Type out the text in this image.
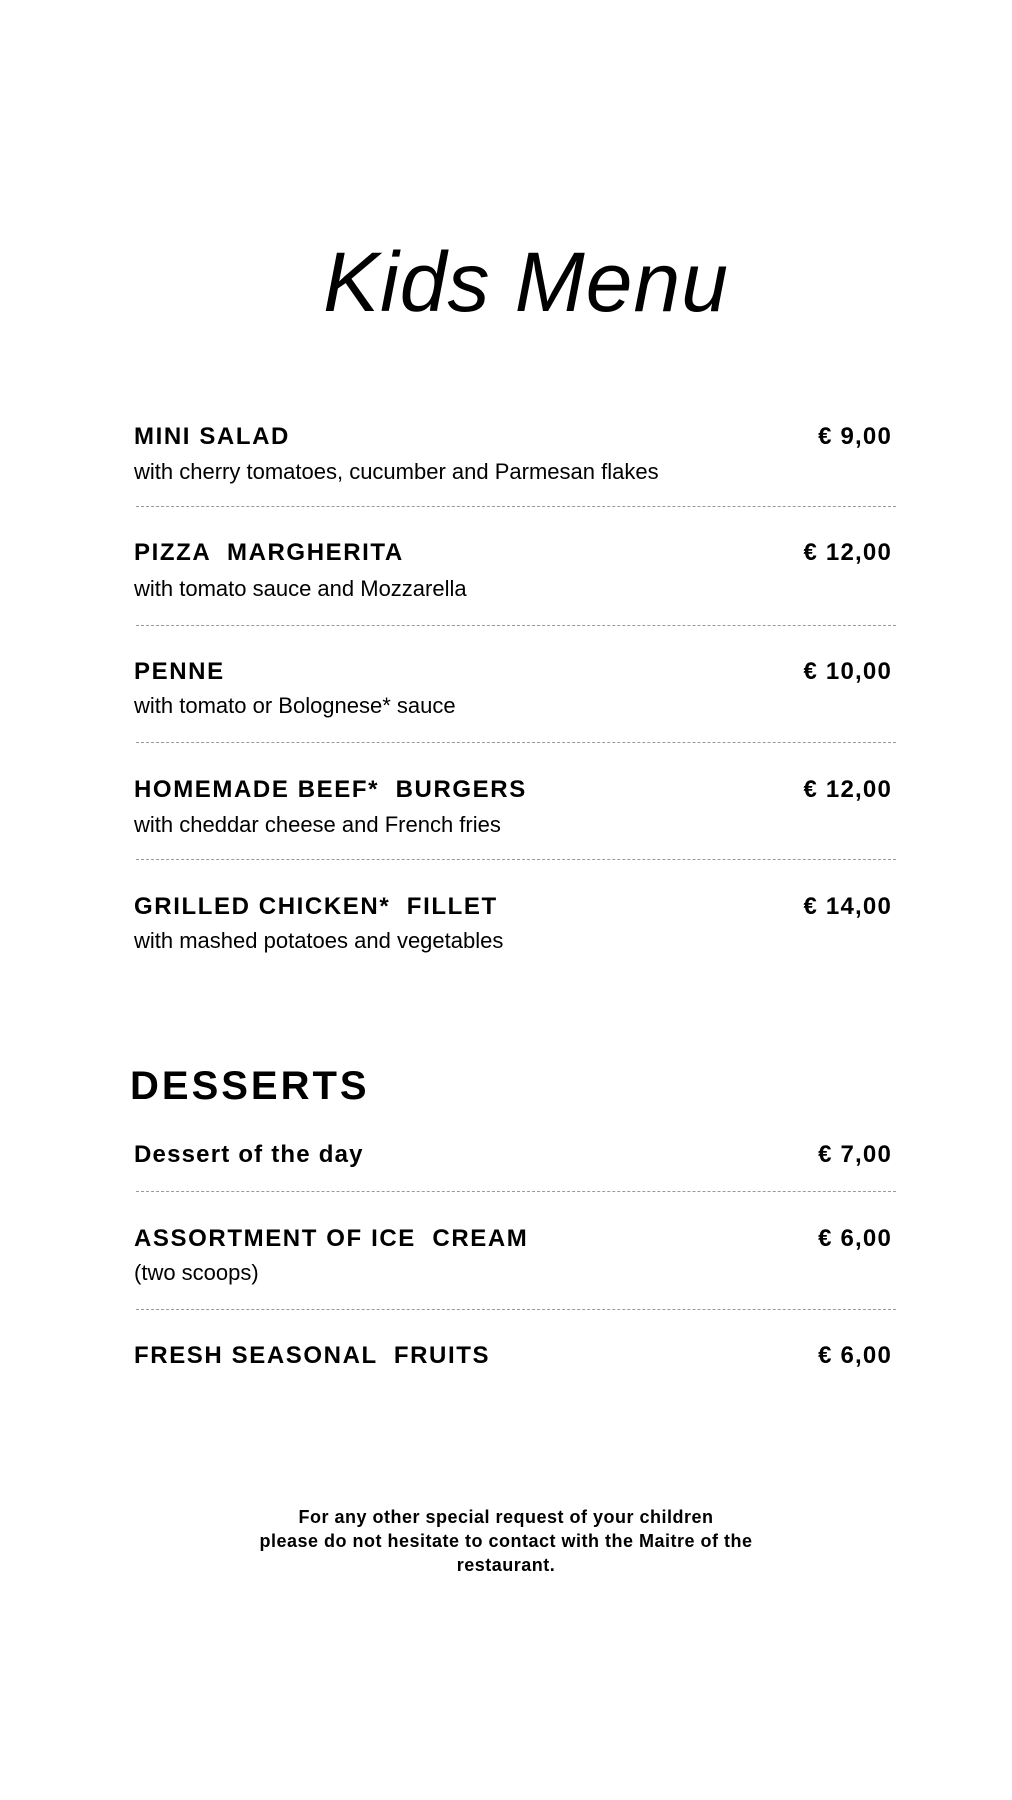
Kids Menu
MINI SALAD	€ 9,00
with cherry tomatoes, cucumber and Parmesan flakes
PIZZA  MARGHERITA	€ 12,00
with tomato sauce and Mozzarella
PENNE	€ 10,00
with tomato or Bolognese* sauce
HOMEMADE BEEF*  BURGERS	€ 12,00
with cheddar cheese and French fries
GRILLED CHICKEN*  FILLET	€ 14,00
with mashed potatoes and vegetables
DESSERTS
Dessert of the day	€ 7,00
ASSORTMENT OF ICE  CREAM	€ 6,00
(two scoops)
FRESH SEASONAL  FRUITS	€ 6,00
For any other special request of your children
please do not hesitate to contact with the Maitre of the
restaurant.
